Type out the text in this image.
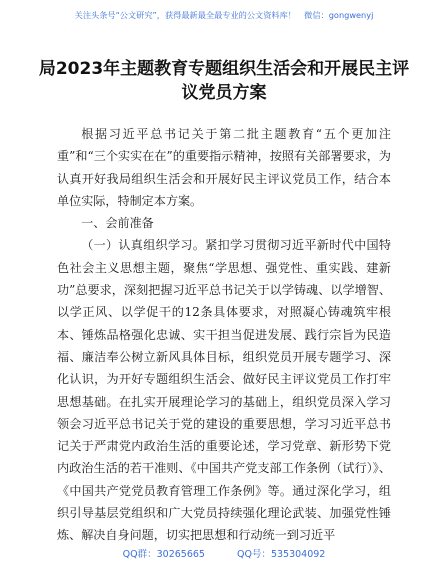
关注头条号“公文研究”，获得最新最全最专业的公文资料库！　微信：gongwenyj
局2023年主题教育专题组织生活会和开展民主评议党员方案

根据习近平总书记关于第二批主题教育“五个更加注重”和“三个实实在在”的重要指示精神，按照有关部署要求，为认真开好我局组织生活会和开展好民主评议党员工作，结合本单位实际，特制定本方案。

一、会前准备

（一）认真组织学习。紧扣学习贯彻习近平新时代中国特色社会主义思想主题，聚焦“学思想、强党性、重实践、建新功”总要求，深刻把握习近平总书记关于以学铸魂、以学增智、以学正风、以学促干的12条具体要求，对照凝心铸魂筑牢根本、锤炼品格强化忠诚、实干担当促进发展、践行宗旨为民造福、廉洁奉公树立新风具体目标，组织党员开展专题学习、深化认识，为开好专题组织生活会、做好民主评议党员工作打牢思想基础。在扎实开展理论学习的基础上，组织党员深入学习领会习近平总书记关于党的建设的重要思想，学习习近平总书记关于严肃党内政治生活的重要论述，学习党章、新形势下党内政治生活的若干准则、《中国共产党支部工作条例（试行）》、《中国共产党党员教育管理工作条例》等。通过深化学习，组织引导基层党组织和广大党员持续强化理论武装、加强党性锤炼、解决自身问题，切实把思想和行动统一到习近平

QQ群：30265665	QQ号：535304092
